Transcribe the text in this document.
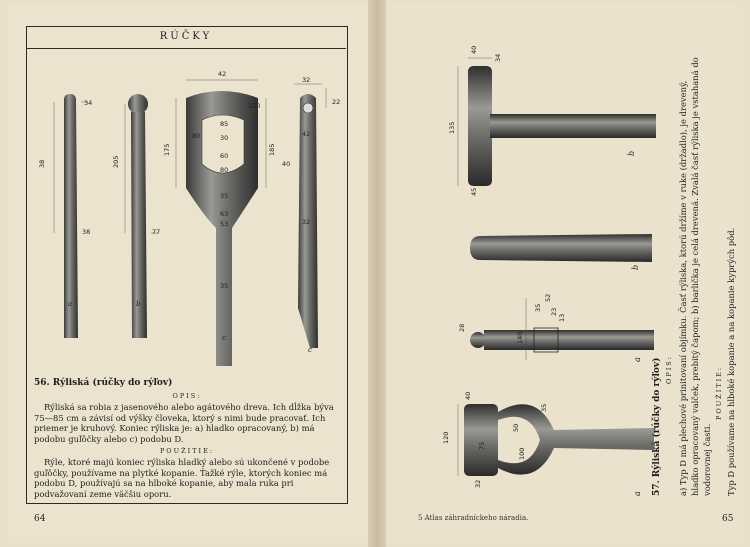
RÚČKY
34
38
38
205
77
42
220
85
30
60
80
175	185
80
35
63
53
35
32
22
42
40
32
a	b
c
c
56. Rýliská (rúčky do rýľov)
OPIS:

Rýliská sa robia z jasenového alebo agátového dreva. Ich dĺžka býva 75—85 cm a závisí od výšky človeka, ktorý s nimi bude pracovať. Ich priemer je kruhový. Koniec rýliska je: a) hladko opracovaný, b) má podobu guľôčky alebo c) podobu D.

POUŽITIE:

Rýle, ktoré majú koniec rýliska hladký alebo sú ukončené v podobe guľôčky, používame na plytké kopanie. Ťažké rýle, ktorých koniec má podobu D, používajú sa na hlboké kopanie, aby mala ruka pri podvažovaní zeme väčšiu oporu.

64
40
34
135
45
28
52
35 23
13
140
120
40
50
75
32
35
100
b
b
a
a 57. Rýliská (rúčky do rýľov) OPIS: a) Typ D má plechové prinitovaní objímku. Časť rýliska, ktorú držíme v ruke (držadlo), je drevený, hladko opracovaný valček, prebitý čapom; b) barlička je celá drevená. Zvalá časť rýliska je vstahaná do vodorovnej časti.
POUŽITIE: Typ D používame na hlboké kopanie a na kopanie kyprých pôd.
5 Atlas záhradníckeho náradia.	65
